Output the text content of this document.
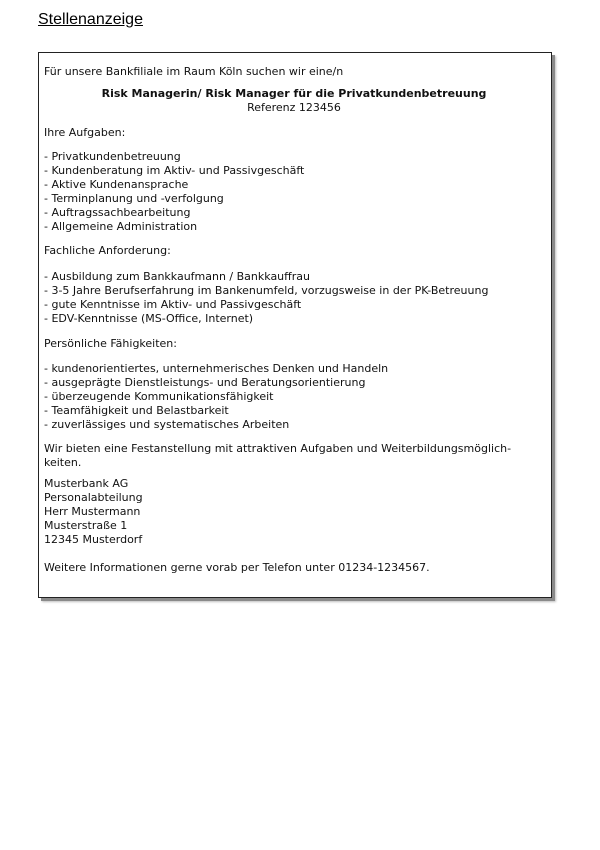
Stellenanzeige
Für unsere Bankfiliale im Raum Köln suchen wir eine/n
Risk Managerin/ Risk Manager für die Privatkundenbetreuung
Referenz 123456
Ihre Aufgaben:
- Privatkundenbetreuung
- Kundenberatung im Aktiv- und Passivgeschäft
- Aktive Kundenansprache
- Terminplanung und -verfolgung
- Auftragssachbearbeitung
- Allgemeine Administration
Fachliche Anforderung:
- Ausbildung zum Bankkaufmann / Bankkauffrau
- 3-5 Jahre Berufserfahrung im Bankenumfeld, vorzugsweise in der PK-Betreuung
- gute Kenntnisse im Aktiv- und Passivgeschäft
- EDV-Kenntnisse (MS-Office, Internet)
Persönliche Fähigkeiten:
- kundenorientiertes, unternehmerisches Denken und Handeln
- ausgeprägte Dienstleistungs- und Beratungsorientierung
- überzeugende Kommunikationsfähigkeit
- Teamfähigkeit und Belastbarkeit
- zuverlässiges und systematisches Arbeiten
Wir bieten eine Festanstellung mit attraktiven Aufgaben und Weiterbildungsmöglich-
keiten.
Musterbank AG
Personalabteilung
Herr Mustermann
Musterstraße 1
12345 Musterdorf
Weitere Informationen gerne vorab per Telefon unter 01234-1234567.
